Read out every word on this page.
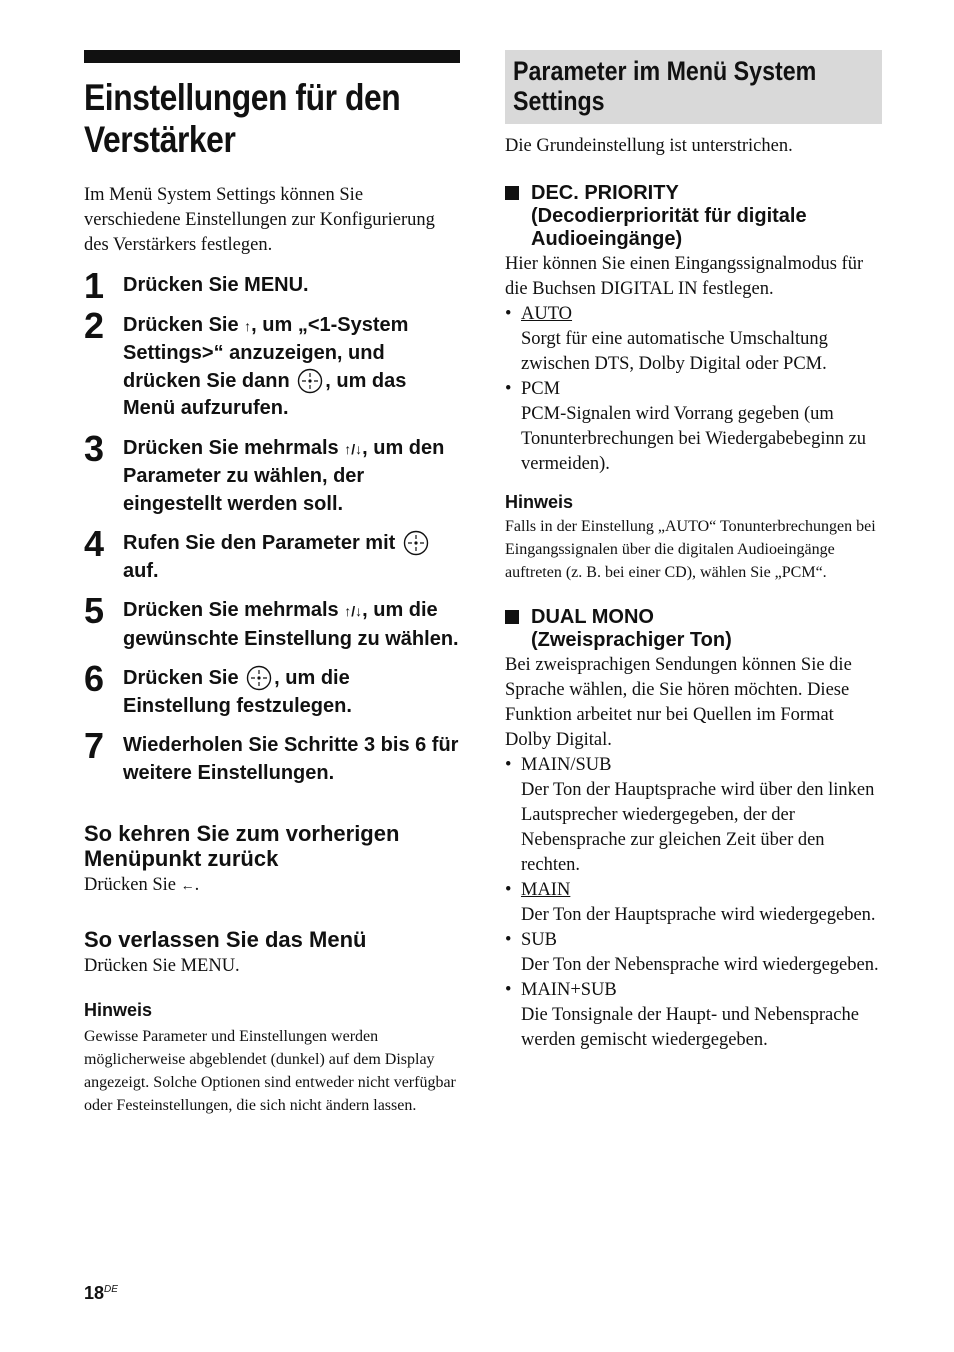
Einstellungen für den
Verstärker
Im Menü System Settings können Sie verschiedene Einstellungen zur Konfigurierung des Verstärkers festlegen.
1 Drücken Sie MENU.
2 Drücken Sie ↑, um „<1-System Settings>“ anzuzeigen, und drücken Sie dann , um das Menü aufzurufen.
3 Drücken Sie mehrmals ↑/↓, um den Parameter zu wählen, der eingestellt werden soll.
4 Rufen Sie den Parameter mit  auf.
5 Drücken Sie mehrmals ↑/↓, um die gewünschte Einstellung zu wählen.
6 Drücken Sie , um die Einstellung festzulegen.
7 Wiederholen Sie Schritte 3 bis 6 für weitere Einstellungen.
So kehren Sie zum vorherigen Menüpunkt zurück
Drücken Sie ←.
So verlassen Sie das Menü
Drücken Sie MENU.
Hinweis
Gewisse Parameter und Einstellungen werden möglicherweise abgeblendet (dunkel) auf dem Display angezeigt. Solche Optionen sind entweder nicht verfügbar oder Festeinstellungen, die sich nicht ändern lassen.
Parameter im Menü System
Settings
Die Grundeinstellung ist unterstrichen.
DEC. PRIORITY
(Decodierpriorität für digitale
Audioeingänge)
Hier können Sie einen Eingangssignalmodus für die Buchsen DIGITAL IN festlegen.
• AUTO
Sorgt für eine automatische Umschaltung zwischen DTS, Dolby Digital oder PCM.
• PCM
PCM-Signalen wird Vorrang gegeben (um Tonunterbrechungen bei Wiedergabebeginn zu vermeiden).
Hinweis
Falls in der Einstellung „AUTO“ Tonunterbrechungen bei Eingangssignalen über die digitalen Audioeingänge auftreten (z. B. bei einer CD), wählen Sie „PCM“.
DUAL MONO
(Zweisprachiger Ton)
Bei zweisprachigen Sendungen können Sie die Sprache wählen, die Sie hören möchten. Diese Funktion arbeitet nur bei Quellen im Format Dolby Digital.
• MAIN/SUB
Der Ton der Hauptsprache wird über den linken Lautsprecher wiedergegeben, der der Nebensprache zur gleichen Zeit über den rechten.
• MAIN
Der Ton der Hauptsprache wird wiedergegeben.
• SUB
Der Ton der Nebensprache wird wiedergegeben.
• MAIN+SUB
Die Tonsignale der Haupt- und Nebensprache werden gemischt wiedergegeben.
18DE
